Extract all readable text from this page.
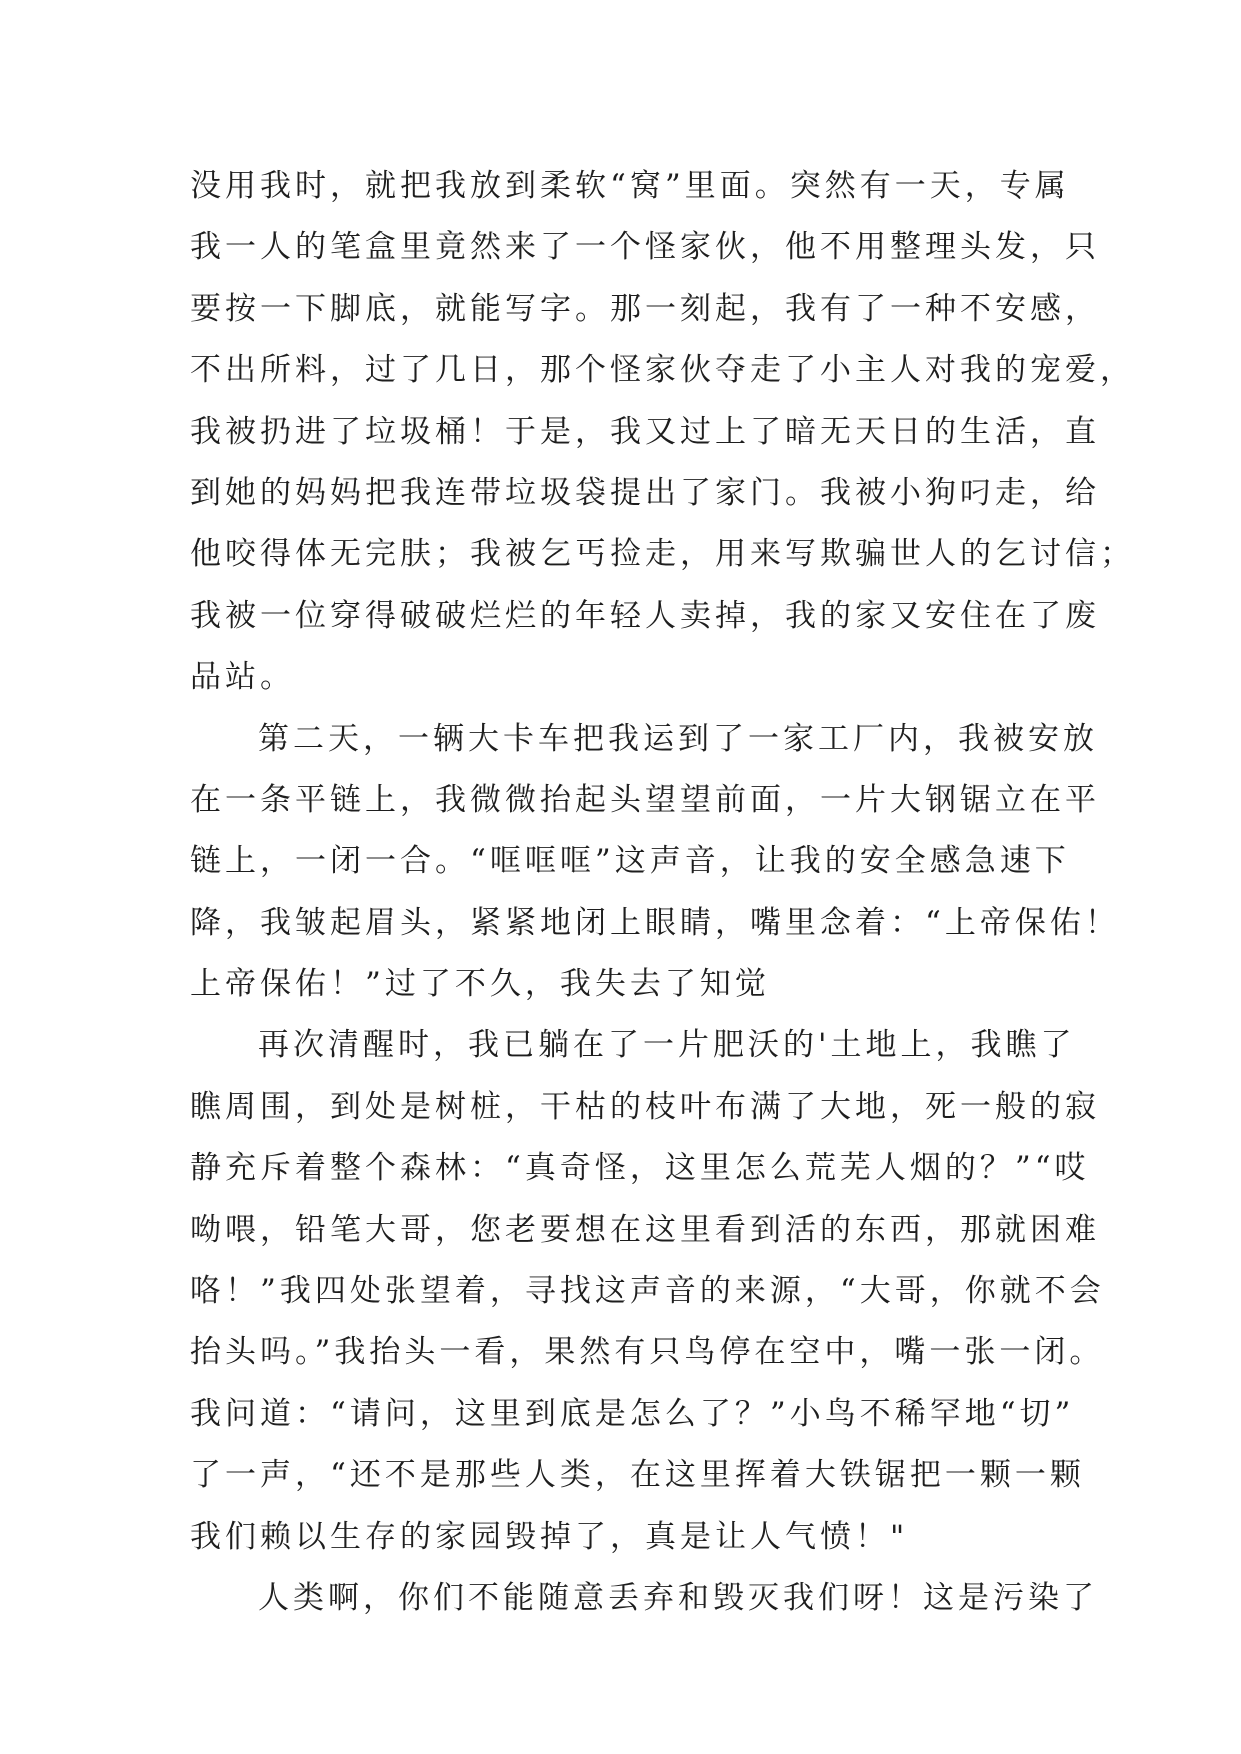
没用我时，就把我放到柔软“窝”里面。突然有一天，专属
我一人的笔盒里竟然来了一个怪家伙，他不用整理头发，只
要按一下脚底，就能写字。那一刻起，我有了一种不安感，
不出所料，过了几日，那个怪家伙夺走了小主人对我的宠爱，
我被扔进了垃圾桶！于是，我又过上了暗无天日的生活，直
到她的妈妈把我连带垃圾袋提出了家门。我被小狗叼走，给
他咬得体无完肤；我被乞丐捡走，用来写欺骗世人的乞讨信；
我被一位穿得破破烂烂的年轻人卖掉，我的家又安住在了废
品站。
第二天，一辆大卡车把我运到了一家工厂内，我被安放
在一条平链上，我微微抬起头望望前面，一片大钢锯立在平
链上，一闭一合。“哐哐哐”这声音，让我的安全感急速下
降，我皱起眉头，紧紧地闭上眼睛，嘴里念着：“上帝保佑！
上帝保佑！”过了不久，我失去了知觉
再次清醒时，我已躺在了一片肥沃的'土地上，我瞧了
瞧周围，到处是树桩，干枯的枝叶布满了大地，死一般的寂
静充斥着整个森林：“真奇怪，这里怎么荒芜人烟的？”“哎
呦喂，铅笔大哥，您老要想在这里看到活的东西，那就困难
咯！”我四处张望着，寻找这声音的来源，“大哥，你就不会
抬头吗。”我抬头一看，果然有只鸟停在空中，嘴一张一闭。
我问道：“请问，这里到底是怎么了？”小鸟不稀罕地“切”
了一声，“还不是那些人类，在这里挥着大铁锯把一颗一颗
我们赖以生存的家园毁掉了，真是让人气愤！"
人类啊，你们不能随意丢弃和毁灭我们呀！这是污染了
